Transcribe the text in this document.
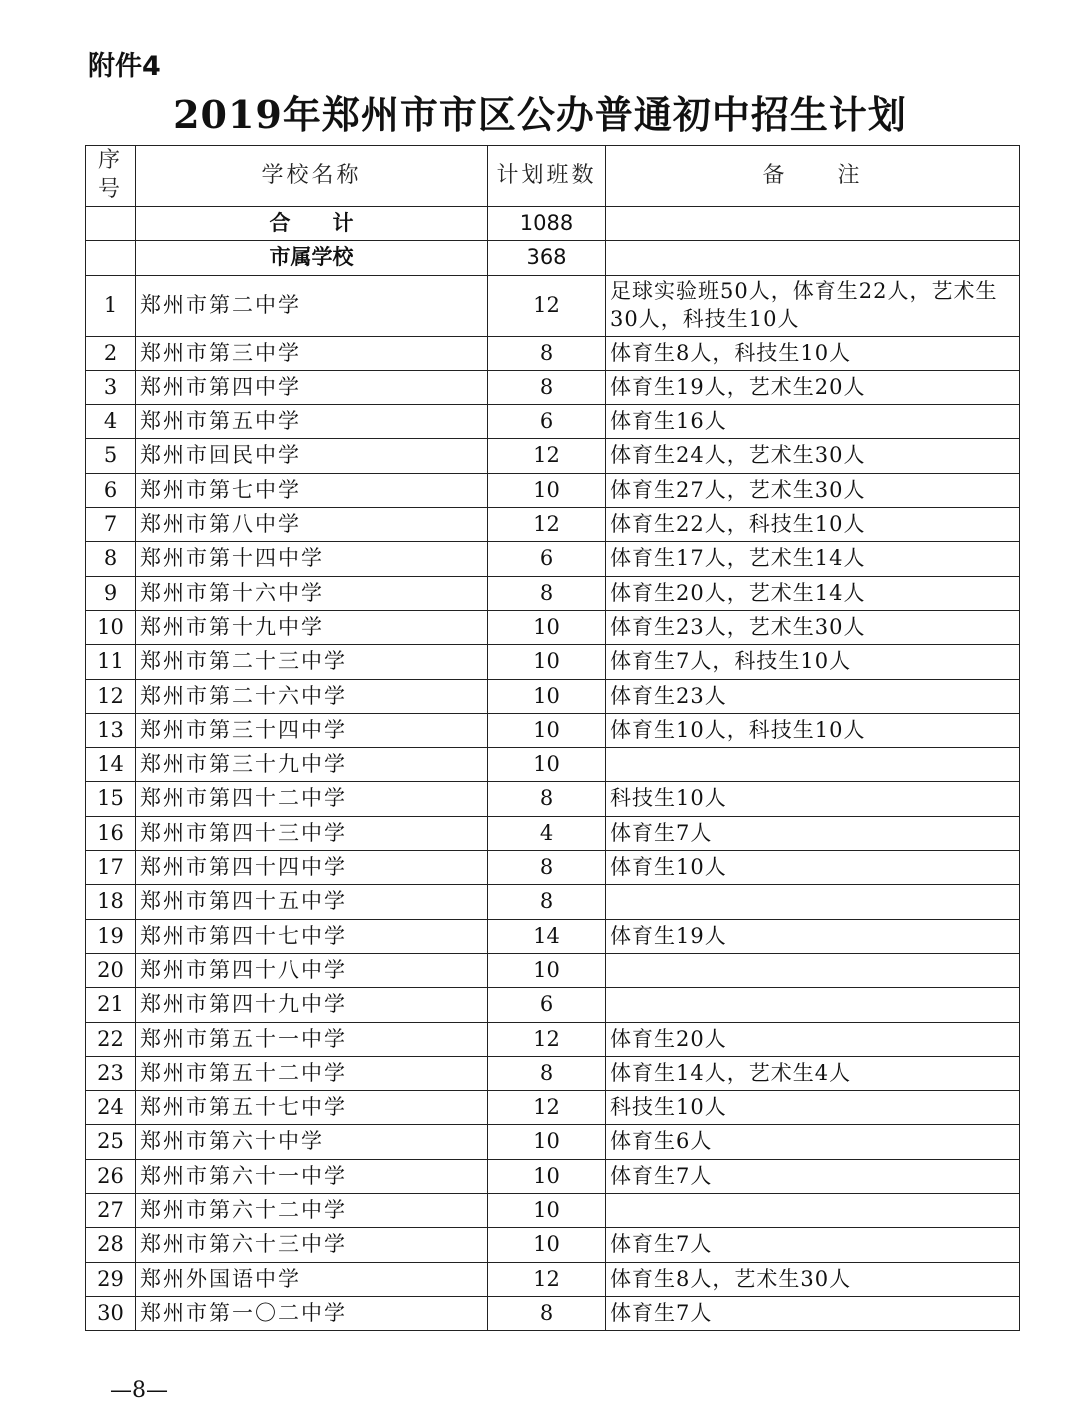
附件4
2019年郑州市市区公办普通初中招生计划
序号	学校名称	计划班数	备　　注
	合　　计	1088	
	市属学校	368	
1	郑州市第二中学	12	足球实验班50人，体育生22人，艺术生30人，科技生10人
2	郑州市第三中学	8	体育生8人，科技生10人
3	郑州市第四中学	8	体育生19人，艺术生20人
4	郑州市第五中学	6	体育生16人
5	郑州市回民中学	12	体育生24人，艺术生30人
6	郑州市第七中学	10	体育生27人，艺术生30人
7	郑州市第八中学	12	体育生22人，科技生10人
8	郑州市第十四中学	6	体育生17人，艺术生14人
9	郑州市第十六中学	8	体育生20人，艺术生14人
10	郑州市第十九中学	10	体育生23人，艺术生30人
11	郑州市第二十三中学	10	体育生7人，科技生10人
12	郑州市第二十六中学	10	体育生23人
13	郑州市第三十四中学	10	体育生10人，科技生10人
14	郑州市第三十九中学	10	
15	郑州市第四十二中学	8	科技生10人
16	郑州市第四十三中学	4	体育生7人
17	郑州市第四十四中学	8	体育生10人
18	郑州市第四十五中学	8	
19	郑州市第四十七中学	14	体育生19人
20	郑州市第四十八中学	10	
21	郑州市第四十九中学	6	
22	郑州市第五十一中学	12	体育生20人
23	郑州市第五十二中学	8	体育生14人，艺术生4人
24	郑州市第五十七中学	12	科技生10人
25	郑州市第六十中学	10	体育生6人
26	郑州市第六十一中学	10	体育生7人
27	郑州市第六十二中学	10	
28	郑州市第六十三中学	10	体育生7人
29	郑州外国语中学	12	体育生8人，艺术生30人
30	郑州市第一〇二中学	8	体育生7人
—8—
